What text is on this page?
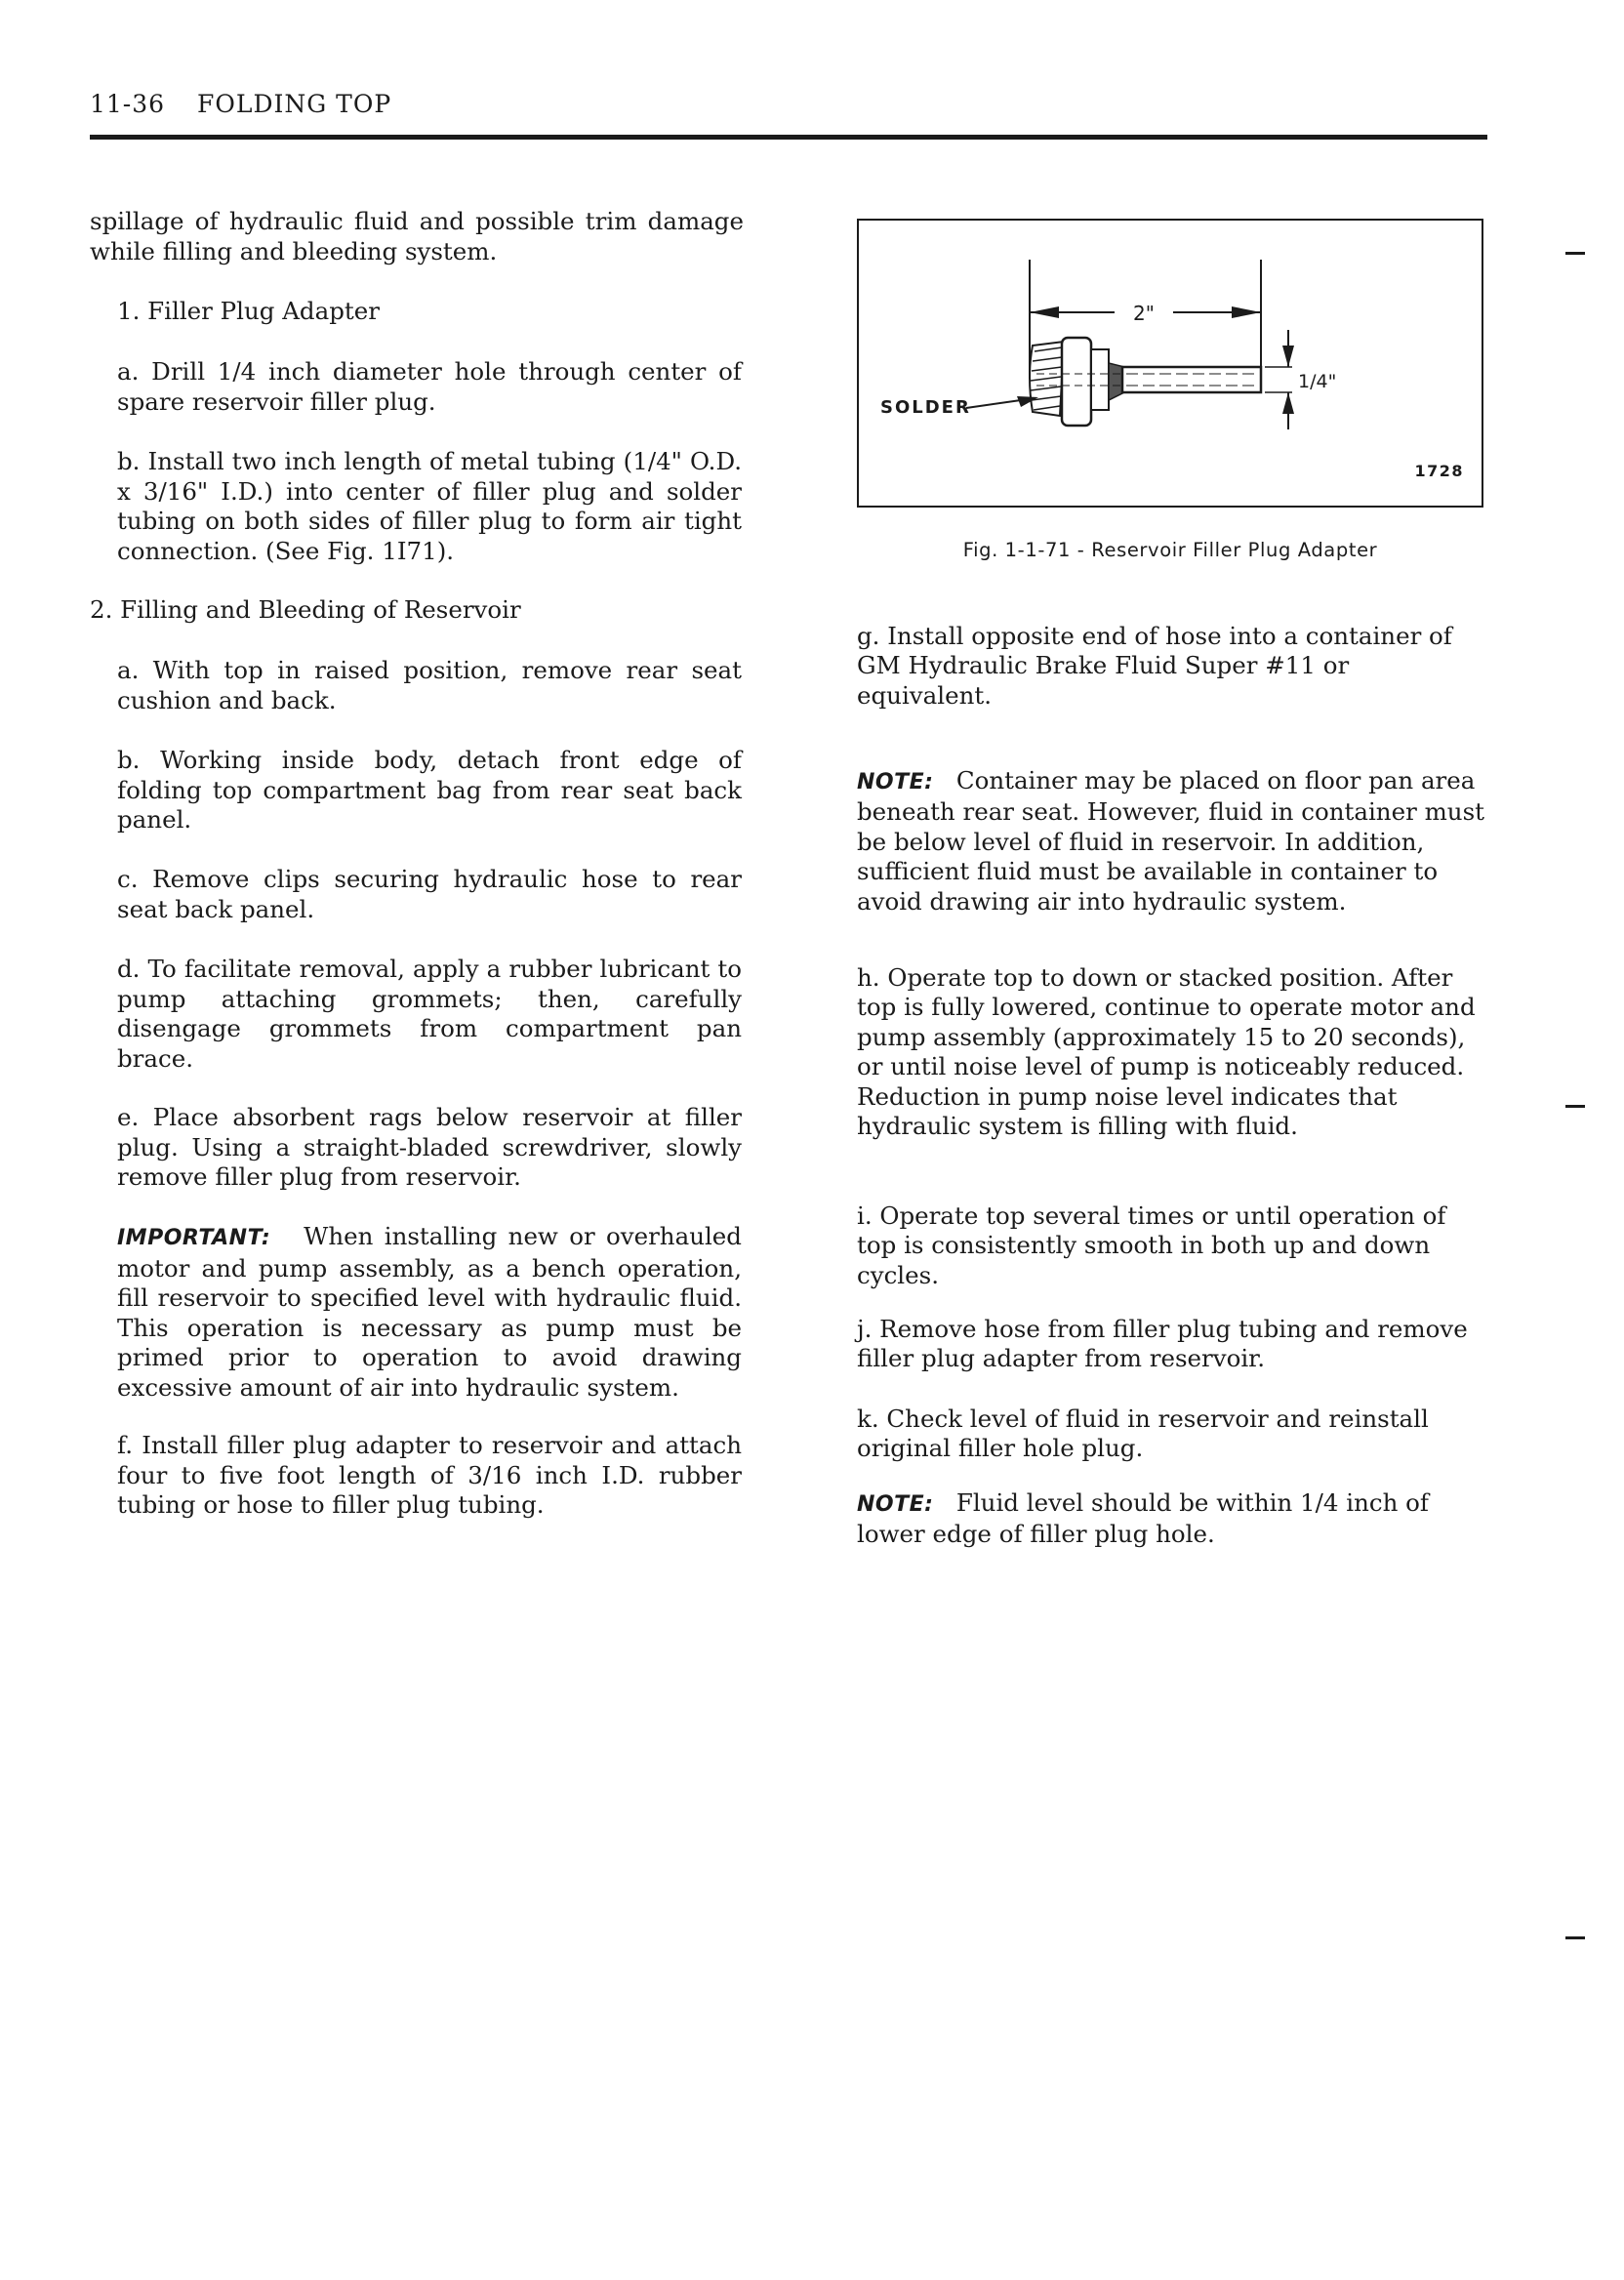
11-36 FOLDING TOP

spillage of hydraulic fluid and possible trim damage while filling and bleeding system.

1. Filler Plug Adapter

a. Drill 1/4 inch diameter hole through center of spare reservoir filler plug.

b. Install two inch length of metal tubing (1/4" O.D. x 3/16" I.D.) into center of filler plug and solder tubing on both sides of filler plug to form air tight connection. (See Fig. 1I71).

2. Filling and Bleeding of Reservoir

a. With top in raised position, remove rear seat cushion and back.

b. Working inside body, detach front edge of folding top compartment bag from rear seat back panel.

c. Remove clips securing hydraulic hose to rear seat back panel.

d. To facilitate removal, apply a rubber lubricant to pump attaching grommets; then, carefully disengage grommets from compartment pan brace.

e. Place absorbent rags below reservoir at filler plug. Using a straight-bladed screwdriver, slowly remove filler plug from reservoir.

IMPORTANT: When installing new or overhauled motor and pump assembly, as a bench operation, fill reservoir to specified level with hydraulic fluid. This operation is necessary as pump must be primed prior to operation to avoid drawing excessive amount of air into hydraulic system.

f. Install filler plug adapter to reservoir and attach four to five foot length of 3/16 inch I.D. rubber tubing or hose to filler plug tubing.

2"
1/4"
SOLDER
1728
Fig. 1-1-71 - Reservoir Filler Plug Adapter

g. Install opposite end of hose into a container of GM Hydraulic Brake Fluid Super #11 or equivalent.

NOTE: Container may be placed on floor pan area beneath rear seat. However, fluid in container must be below level of fluid in reservoir. In addition, sufficient fluid must be available in container to avoid drawing air into hydraulic system.

h. Operate top to down or stacked position. After top is fully lowered, continue to operate motor and pump assembly (approximately 15 to 20 seconds), or until noise level of pump is noticeably reduced. Reduction in pump noise level indicates that hydraulic system is filling with fluid.

i. Operate top several times or until operation of top is consistently smooth in both up and down cycles.

j. Remove hose from filler plug tubing and remove filler plug adapter from reservoir.

k. Check level of fluid in reservoir and reinstall original filler hole plug.

NOTE: Fluid level should be within 1/4 inch of lower edge of filler plug hole.
